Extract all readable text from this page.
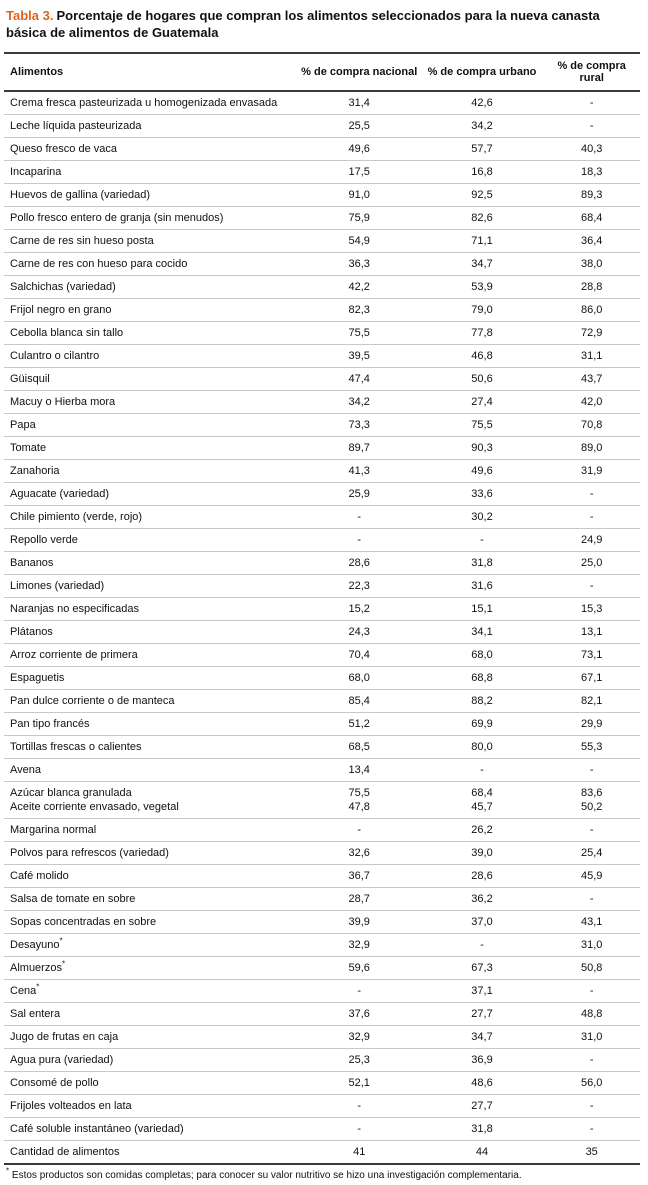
Tabla 3. Porcentaje de hogares que compran los alimentos seleccionados para la nueva canasta básica de alimentos de Guatemala
Alimentos	% de compra nacional	% de compra urbano	% de compra rural
Crema fresca pasteurizada u homogenizada envasada	31,4	42,6	-
Leche líquida pasteurizada	25,5	34,2	-
Queso fresco de vaca	49,6	57,7	40,3
Incaparina	17,5	16,8	18,3
Huevos de gallina (variedad)	91,0	92,5	89,3
Pollo fresco entero de granja (sin menudos)	75,9	82,6	68,4
Carne de res sin hueso posta	54,9	71,1	36,4
Carne de res con hueso para cocido	36,3	34,7	38,0
Salchichas (variedad)	42,2	53,9	28,8
Frijol negro en grano	82,3	79,0	86,0
Cebolla blanca sin tallo	75,5	77,8	72,9
Culantro o cilantro	39,5	46,8	31,1
Güisquil	47,4	50,6	43,7
Macuy o Hierba mora	34,2	27,4	42,0
Papa	73,3	75,5	70,8
Tomate	89,7	90,3	89,0
Zanahoria	41,3	49,6	31,9
Aguacate (variedad)	25,9	33,6	-
Chile pimiento (verde, rojo)	-	30,2	-
Repollo verde	-	-	24,9
Bananos	28,6	31,8	25,0
Limones (variedad)	22,3	31,6	-
Naranjas no especificadas	15,2	15,1	15,3
Plátanos	24,3	34,1	13,1
Arroz corriente de primera	70,4	68,0	73,1
Espaguetis	68,0	68,8	67,1
Pan dulce corriente o de manteca	85,4	88,2	82,1
Pan tipo francés	51,2	69,9	29,9
Tortillas frescas o calientes	68,5	80,0	55,3
Avena	13,4	-	-
Azúcar blanca granulada	75,5	68,4	83,6
Aceite corriente envasado, vegetal	47,8	45,7	50,2
Margarina normal	-	26,2	-
Polvos para refrescos (variedad)	32,6	39,0	25,4
Café molido	36,7	28,6	45,9
Salsa de tomate en sobre	28,7	36,2	-
Sopas concentradas en sobre	39,9	37,0	43,1
Desayuno*	32,9	-	31,0
Almuerzos*	59,6	67,3	50,8
Cena*	-	37,1	-
Sal entera	37,6	27,7	48,8
Jugo de frutas en caja	32,9	34,7	31,0
Agua pura (variedad)	25,3	36,9	-
Consomé de pollo	52,1	48,6	56,0
Frijoles volteados en lata	-	27,7	-
Café soluble instantáneo (variedad)	-	31,8	-
Cantidad de alimentos	41	44	35
* Estos productos son comidas completas; para conocer su valor nutritivo se hizo una investigación complementaria.
